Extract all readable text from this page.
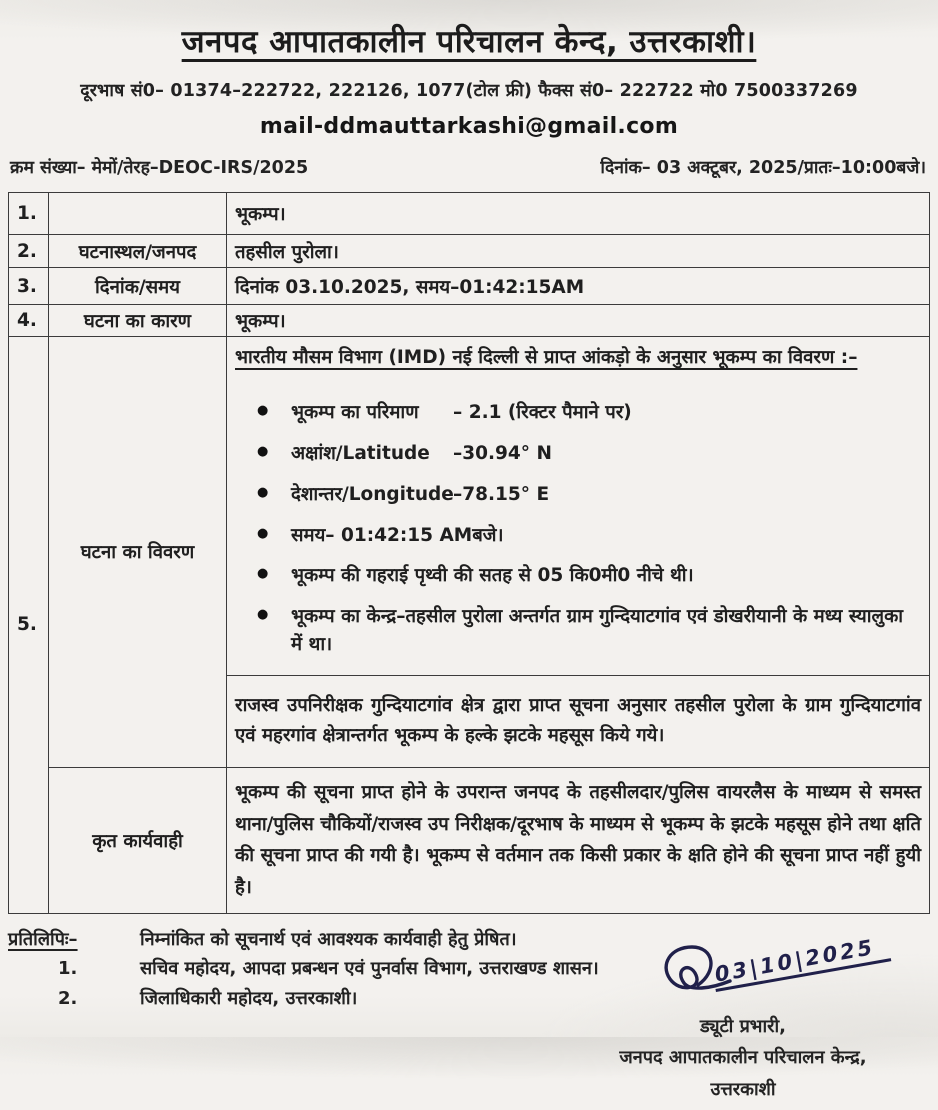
जनपद आपातकालीन परिचालन केन्द, उत्तरकाशी।
दूरभाष सं0– 01374–222722, 222126, 1077(टोल फ्री) फैक्स सं0– 222722 मो0 7500337269
mail-ddmauttarkashi@gmail.com
क्रम संख्या– मेमों/तेरह–DEOC-IRS/2025	दिनांक– 03 अक्टूबर, 2025/प्रातः–10:00बजे।
1.		भूकम्प।
2.	घटनास्थल/जनपद	तहसील पुरोला।
3.	दिनांक/समय	दिनांक 03.10.2025, समय–01:42:15AM
4.	घटना का कारण	भूकम्प।
5.	घटना का विवरण	

भारतीय मौसम विभाग (IMD) नई दिल्ली से प्राप्त आंकड़ो के अनुसार भूकम्प का विवरण :–

●	भूकम्प का परिमाण	– 2.1 (रिक्टर पैमाने पर)
●	अक्षांश/Latitude	–30.94° N
●	देशान्तर/Longitude –78.15° E
●	समय– 01:42:15 AMबजे।
●	भूकम्प की गहराई पृथ्वी की सतह से 05 कि0मी0 नीचे थी।
●	भूकम्प का केन्द्र–तहसील पुरोला अन्तर्गत ग्राम गुन्दियाटगांव एवं डोखरीयानी के मध्य स्यालुका में था।

		राजस्व उपनिरीक्षक गुन्दियाटगांव क्षेत्र द्वारा प्राप्त सूचना अनुसार तहसील पुरोला के ग्राम गुन्दियाटगांव एवं महरगांव क्षेत्रान्तर्गत भूकम्प के हल्के झटके महसूस किये गये।
	कृत कार्यवाही	भूकम्प की सूचना प्राप्त होने के उपरान्त जनपद के तहसीलदार/पुलिस वायरलैस के माध्यम से समस्त थाना/पुलिस चौकियों/राजस्व उप निरीक्षक/दूरभाष के माध्यम से भूकम्प के झटके महसूस होने तथा क्षति की सूचना प्राप्त की गयी है। भूकम्प से वर्तमान तक किसी प्रकार के क्षति होने की सूचना प्राप्त नहीं हुयी है।
प्रतिलिपिः–	निम्नांकित को सूचनार्थ एवं आवश्यक कार्यवाही हेतु प्रेषित।
1.	सचिव महोदय, आपदा प्रबन्धन एवं पुनर्वास विभाग, उत्तराखण्ड शासन।
2.	जिलाधिकारी महोदय, उत्तरकाशी।
03|10|2025
ड्यूटी प्रभारी,
जनपद आपातकालीन परिचालन केन्द्र,
उत्तरकाशी
